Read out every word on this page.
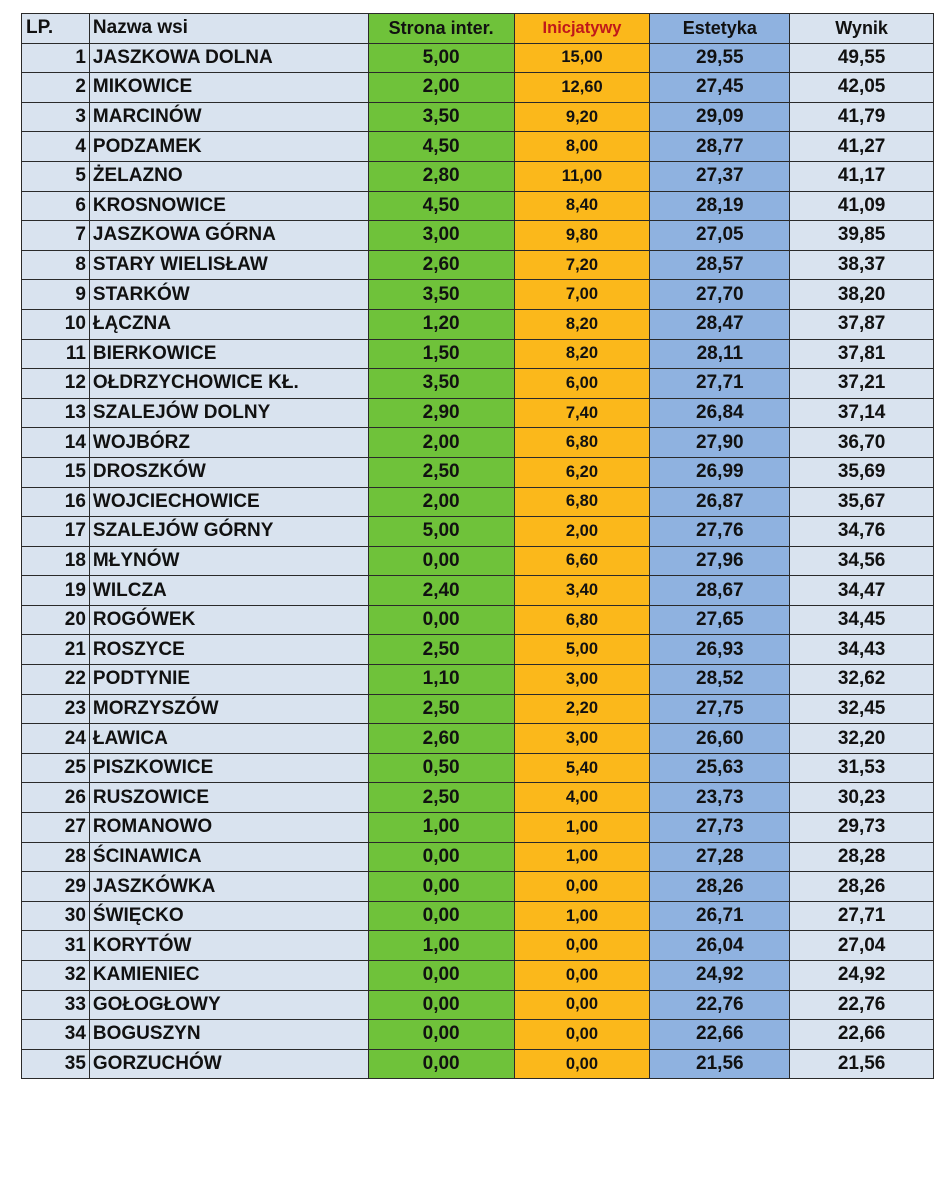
LP.	Nazwa wsi	Strona inter.	Inicjatywy	Estetyka	Wynik
1	JASZKOWA DOLNA	5,00	15,00	29,55	49,55
2	MIKOWICE	2,00	12,60	27,45	42,05
3	MARCINÓW	3,50	9,20	29,09	41,79
4	PODZAMEK	4,50	8,00	28,77	41,27
5	ŻELAZNO	2,80	11,00	27,37	41,17
6	KROSNOWICE	4,50	8,40	28,19	41,09
7	JASZKOWA GÓRNA	3,00	9,80	27,05	39,85
8	STARY WIELISŁAW	2,60	7,20	28,57	38,37
9	STARKÓW	3,50	7,00	27,70	38,20
10	ŁĄCZNA	1,20	8,20	28,47	37,87
11	BIERKOWICE	1,50	8,20	28,11	37,81
12	OŁDRZYCHOWICE KŁ.	3,50	6,00	27,71	37,21
13	SZALEJÓW DOLNY	2,90	7,40	26,84	37,14
14	WOJBÓRZ	2,00	6,80	27,90	36,70
15	DROSZKÓW	2,50	6,20	26,99	35,69
16	WOJCIECHOWICE	2,00	6,80	26,87	35,67
17	SZALEJÓW GÓRNY	5,00	2,00	27,76	34,76
18	MŁYNÓW	0,00	6,60	27,96	34,56
19	WILCZA	2,40	3,40	28,67	34,47
20	ROGÓWEK	0,00	6,80	27,65	34,45
21	ROSZYCE	2,50	5,00	26,93	34,43
22	PODTYNIE	1,10	3,00	28,52	32,62
23	MORZYSZÓW	2,50	2,20	27,75	32,45
24	ŁAWICA	2,60	3,00	26,60	32,20
25	PISZKOWICE	0,50	5,40	25,63	31,53
26	RUSZOWICE	2,50	4,00	23,73	30,23
27	ROMANOWO	1,00	1,00	27,73	29,73
28	ŚCINAWICA	0,00	1,00	27,28	28,28
29	JASZKÓWKA	0,00	0,00	28,26	28,26
30	ŚWIĘCKO	0,00	1,00	26,71	27,71
31	KORYTÓW	1,00	0,00	26,04	27,04
32	KAMIENIEC	0,00	0,00	24,92	24,92
33	GOŁOGŁOWY	0,00	0,00	22,76	22,76
34	BOGUSZYN	0,00	0,00	22,66	22,66
35	GORZUCHÓW	0,00	0,00	21,56	21,56
